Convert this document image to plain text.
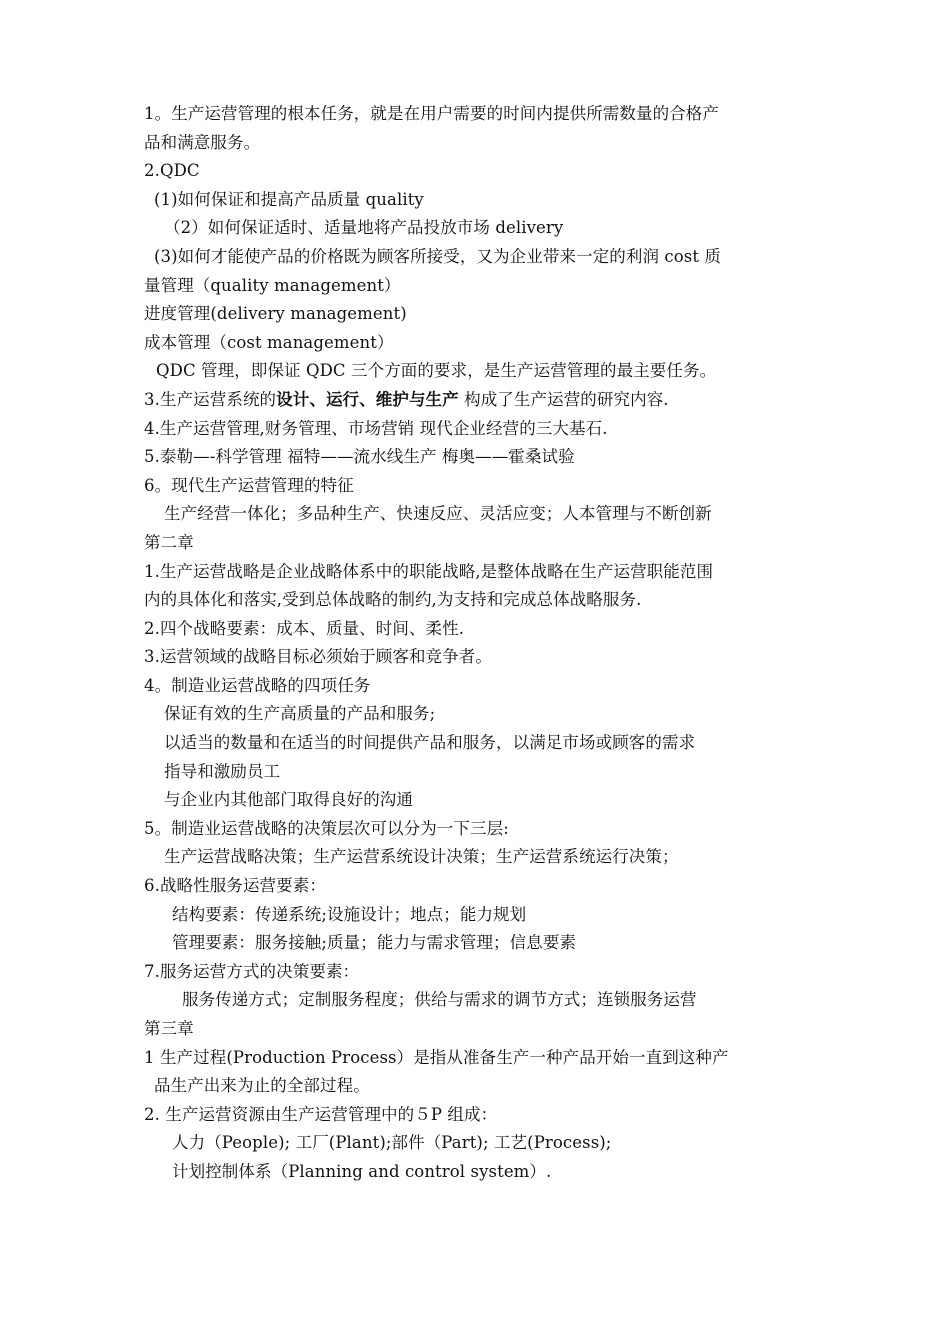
1。生产运营管理的根本任务，就是在用户需要的时间内提供所需数量的合格产
品和满意服务。
2.QDC
(1)如何保证和提高产品质量 quality
（2）如何保证适时、适量地将产品投放市场 delivery
(3)如何才能使产品的价格既为顾客所接受，又为企业带来一定的利润 cost 质
量管理（quality management）
进度管理(delivery management)
成本管理（cost management）
QDC 管理，即保证 QDC 三个方面的要求，是生产运营管理的最主要任务。
3.生产运营系统的设计、运行、维护与生产 构成了生产运营的研究内容.
4.生产运营管理,财务管理、市场营销 现代企业经营的三大基石.
5.泰勒—-科学管理 福特——流水线生产 梅奥——霍桑试验
6。现代生产运营管理的特征
生产经营一体化；多品种生产、快速反应、灵活应变；人本管理与不断创新
第二章
1.生产运营战略是企业战略体系中的职能战略,是整体战略在生产运营职能范围
内的具体化和落实,受到总体战略的制约,为支持和完成总体战略服务.
2.四个战略要素：成本、质量、时间、柔性.
3.运营领域的战略目标必须始于顾客和竞争者。
4。制造业运营战略的四项任务
保证有效的生产高质量的产品和服务;
以适当的数量和在适当的时间提供产品和服务，以满足市场或顾客的需求
指导和激励员工
与企业内其他部门取得良好的沟通
5。制造业运营战略的决策层次可以分为一下三层:
生产运营战略决策；生产运营系统设计决策；生产运营系统运行决策；
6.战略性服务运营要素：
结构要素：传递系统;设施设计；地点；能力规划
管理要素：服务接触;质量；能力与需求管理；信息要素
7.服务运营方式的决策要素：
服务传递方式；定制服务程度；供给与需求的调节方式；连锁服务运营
第三章
1 生产过程(Production Process）是指从准备生产一种产品开始一直到这种产
品生产出来为止的全部过程。
2. 生产运营资源由生产运营管理中的５P 组成：
人力（People); 工厂(Plant);部件（Part); 工艺(Process);
计划控制体系（Planning and control system）.
